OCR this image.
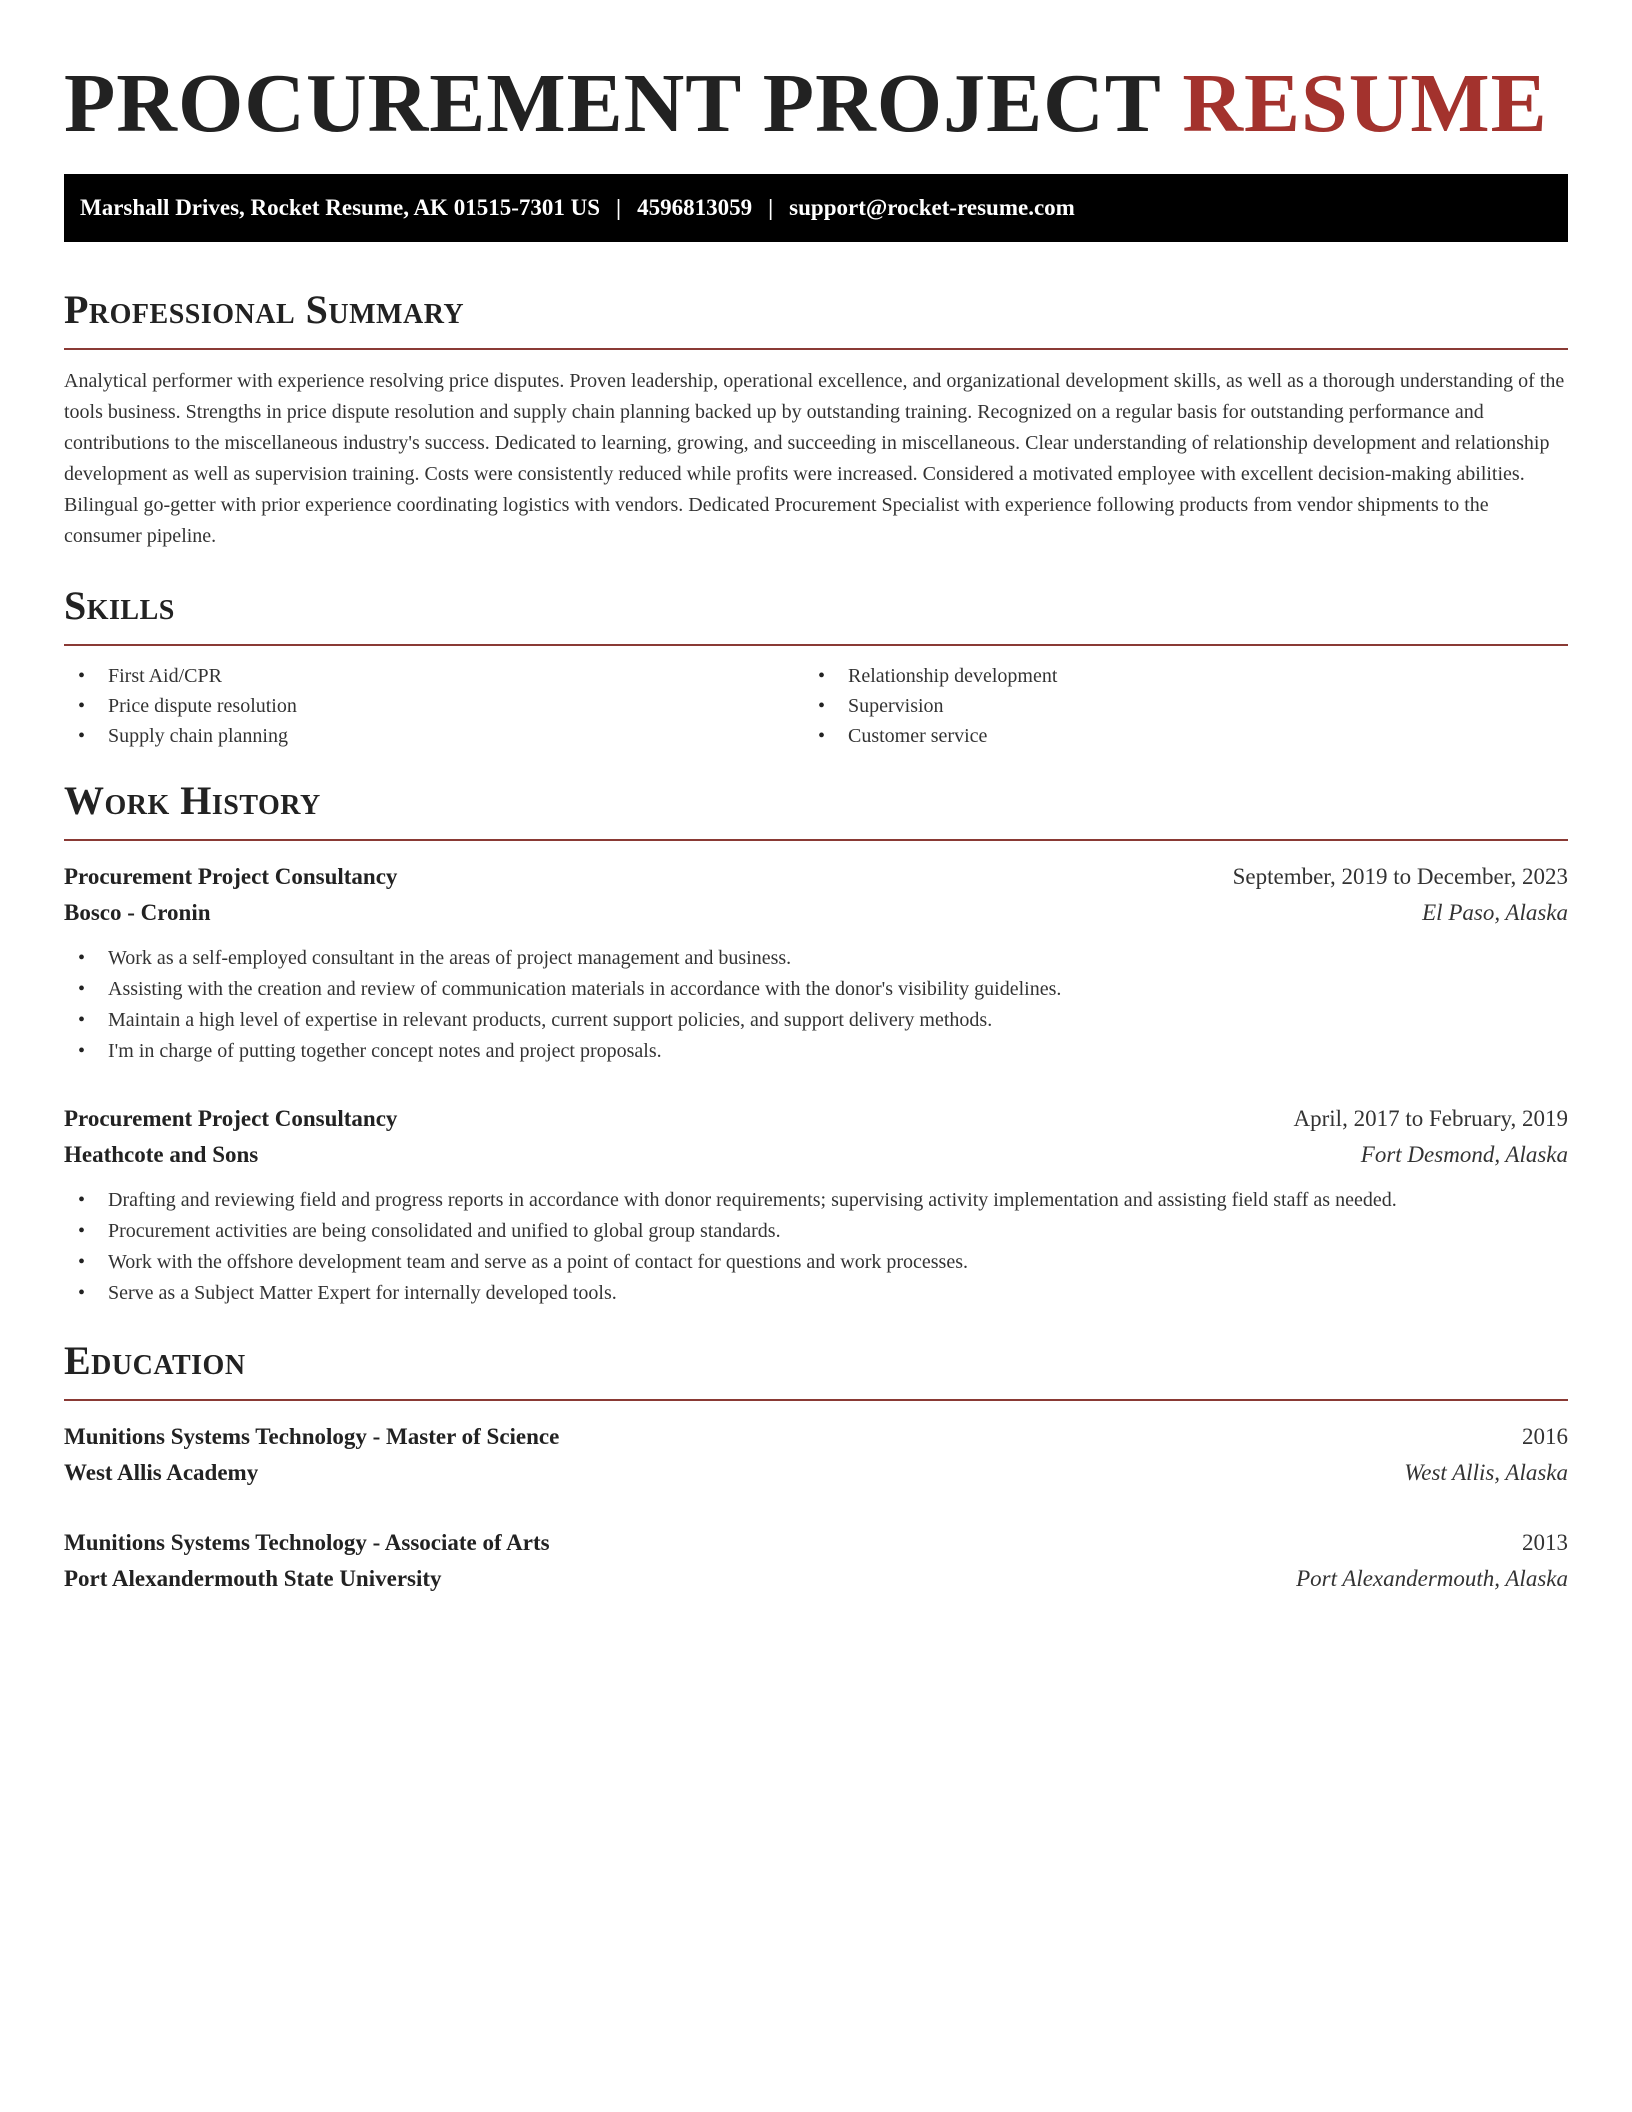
PROCUREMENT PROJECT RESUME
Marshall Drives, Rocket Resume, AK 01515-7301 US | 4596813059 | support@rocket-resume.com
Professional Summary

Analytical performer with experience resolving price disputes. Proven leadership, operational excellence, and organizational development skills, as well as a thorough understanding of the tools business. Strengths in price dispute resolution and supply chain planning backed up by outstanding training. Recognized on a regular basis for outstanding performance and contributions to the miscellaneous industry's success. Dedicated to learning, growing, and succeeding in miscellaneous. Clear understanding of relationship development and relationship development as well as supervision training. Costs were consistently reduced while profits were increased. Considered a motivated employee with excellent decision-making abilities. Bilingual go-getter with prior experience coordinating logistics with vendors. Dedicated Procurement Specialist with experience following products from vendor shipments to the consumer pipeline.

Skills
• First Aid/CPR
• Price dispute resolution
• Supply chain planning
• Relationship development
• Supervision
• Customer service
Work History
Procurement Project Consultancy	September, 2019 to December, 2023
Bosco - Cronin	El Paso, Alaska
• Work as a self-employed consultant in the areas of project management and business.
• Assisting with the creation and review of communication materials in accordance with the donor's visibility guidelines.
• Maintain a high level of expertise in relevant products, current support policies, and support delivery methods.
• I'm in charge of putting together concept notes and project proposals.
Procurement Project Consultancy	April, 2017 to February, 2019
Heathcote and Sons	Fort Desmond, Alaska
• Drafting and reviewing field and progress reports in accordance with donor requirements; supervising activity implementation and assisting field staff as needed.
• Procurement activities are being consolidated and unified to global group standards.
• Work with the offshore development team and serve as a point of contact for questions and work processes.
• Serve as a Subject Matter Expert for internally developed tools.
Education
Munitions Systems Technology - Master of Science	2016
West Allis Academy	West Allis, Alaska
Munitions Systems Technology - Associate of Arts	2013
Port Alexandermouth State University	Port Alexandermouth, Alaska
